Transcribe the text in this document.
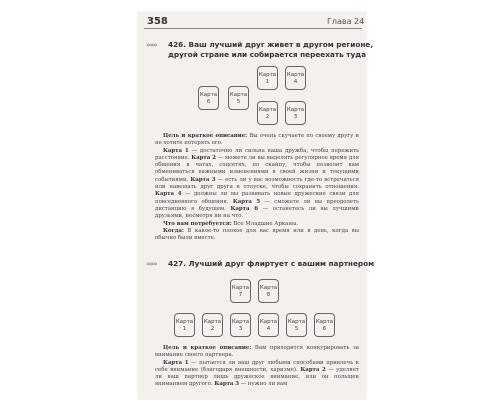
358	Глава 24
»»» 426. Ваш лучший друг живет в другом регионе,
другой стране или собирается переехать туда
Карта
6
Карта
5
Карта
1
Карта
4
Карта
2
Карта
3

Цель и краткое описание: Вы очень скучаете по своему другу и не хотите потерять его.

Карта 1 — достаточно ли сильна ваша дружба, чтобы пережить расстояние. Карта 2 — можете ли вы выделять регулярное время для общения в чатах, соцсетях, по скайпу, чтобы позволит вам обмениваться важными изменениями в своей жизни и текущими событиями. Карта 3 — есть ли у вас возможность где-то встречаться или навещать друг друга в отпуске, чтобы сохранить отношения. Карта 4 — должны ли вы развивать новые дружеские связи для повседневного общения. Карта 5 — сможете ли вы преодолеть дистанцию в будущем. Карта 6 — останетесь ли вы лучшими друзьями, несмотря ни на что.

Что вам потребуется: Все Младшие Арканы.

Когда: В какое-то плохое для вас время или в день, когда вы обычно были вместе.

»»» 427. Лучший друг флиртует с вашим партнером
Карта
7
Карта
8
Карта
1
Карта
2
Карта
3
Карта
4
Карта
5
Карта
6

Цель и краткое описание: Вам приходится конкурировать за внимание своего партнера.

Карта 1 — пытается ли ваш друг любыми способами привлечь к себе внимание (благодаря внешности, харизме). Карта 2 — уделяет ли ваш партнер лишь дружеское внимание, или он польщен вниманием другого. Карта 3 — нужно ли вам
